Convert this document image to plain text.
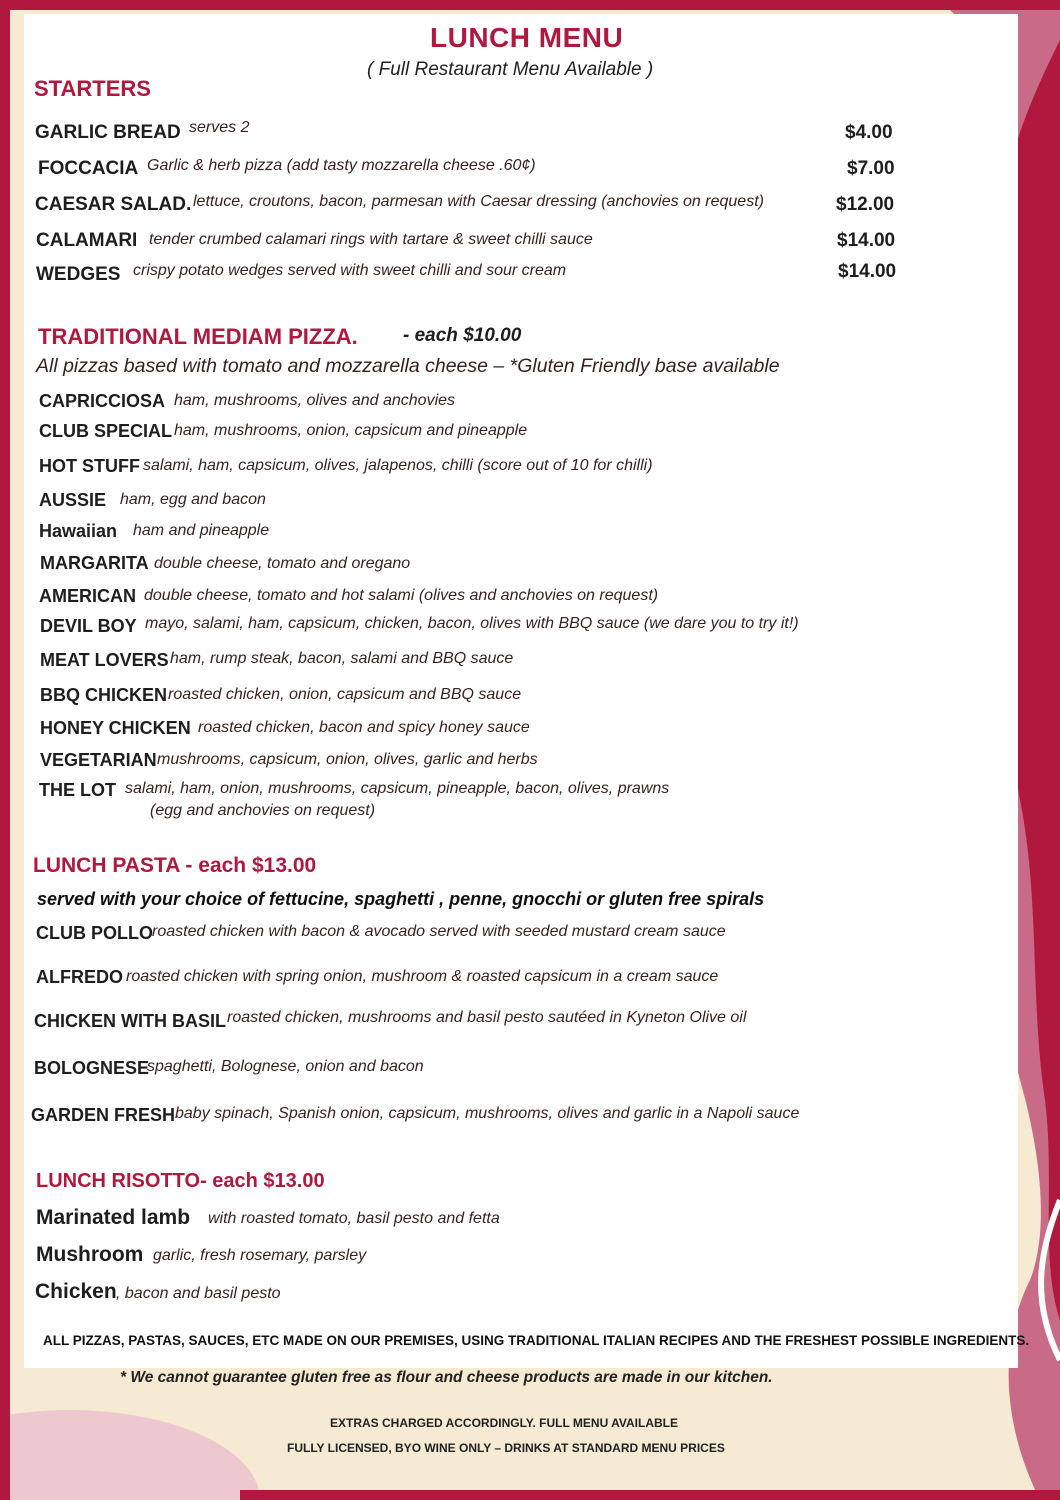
LUNCH MENU

( Full Restaurant Menu Available )

STARTERS

GARLIC BREAD serves 2	$4.00

FOCCACIA Garlic & herb pizza (add tasty mozzarella cheese .60¢)	$7.00

CAESAR SALAD. lettuce, croutons, bacon, parmesan with Caesar dressing (anchovies on request)	$12.00

CALAMARI tender crumbed calamari rings with tartare & sweet chilli sauce	$14.00

WEDGES crispy potato wedges served with sweet chilli and sour cream	$14.00

TRADITIONAL MEDIAM PIZZA. - each $10.00

All pizzas based with tomato and mozzarella cheese – *Gluten Friendly base available

CAPRICCIOSA ham, mushrooms, olives and anchovies

CLUB SPECIAL ham, mushrooms, onion, capsicum and pineapple

HOT STUFF salami, ham, capsicum, olives, jalapenos, chilli (score out of 10 for chilli)

AUSSIE ham, egg and bacon

Hawaiian ham and pineapple

MARGARITA double cheese, tomato and oregano

AMERICAN double cheese, tomato and hot salami (olives and anchovies on request)

DEVIL BOY mayo, salami, ham, capsicum, chicken, bacon, olives with BBQ sauce (we dare you to try it!)

MEAT LOVERS ham, rump steak, bacon, salami and BBQ sauce

BBQ CHICKEN roasted chicken, onion, capsicum and BBQ sauce

HONEY CHICKEN roasted chicken, bacon and spicy honey sauce

VEGETARIAN mushrooms, capsicum, onion, olives, garlic and herbs

THE LOT salami, ham, onion, mushrooms, capsicum, pineapple, bacon, olives, prawns

(egg and anchovies on request)

LUNCH PASTA - each $13.00

served with your choice of fettucine, spaghetti , penne, gnocchi or gluten free spirals

CLUB POLLO roasted chicken with bacon & avocado served with seeded mustard cream sauce

ALFREDO roasted chicken with spring onion, mushroom & roasted capsicum in a cream sauce

CHICKEN WITH BASIL roasted chicken, mushrooms and basil pesto sautéed in Kyneton Olive oil

BOLOGNESE

spaghetti, Bolognese, onion and bacon

GARDEN FRESH baby spinach, Spanish onion, capsicum, mushrooms, olives and garlic in a Napoli sauce

LUNCH RISOTTO- each $13.00

Marinated lamb with roasted tomato, basil pesto and fetta

Mushroom garlic, fresh rosemary, parsley

Chicken , bacon and basil pesto

ALL PIZZAS, PASTAS, SAUCES, ETC MADE ON OUR PREMISES, USING TRADITIONAL ITALIAN RECIPES AND THE FRESHEST POSSIBLE INGREDIENTS.

* We cannot guarantee gluten free as flour and cheese products are made in our kitchen.

EXTRAS CHARGED ACCORDINGLY. FULL MENU AVAILABLE

FULLY LICENSED, BYO WINE ONLY – DRINKS AT STANDARD MENU PRICES
